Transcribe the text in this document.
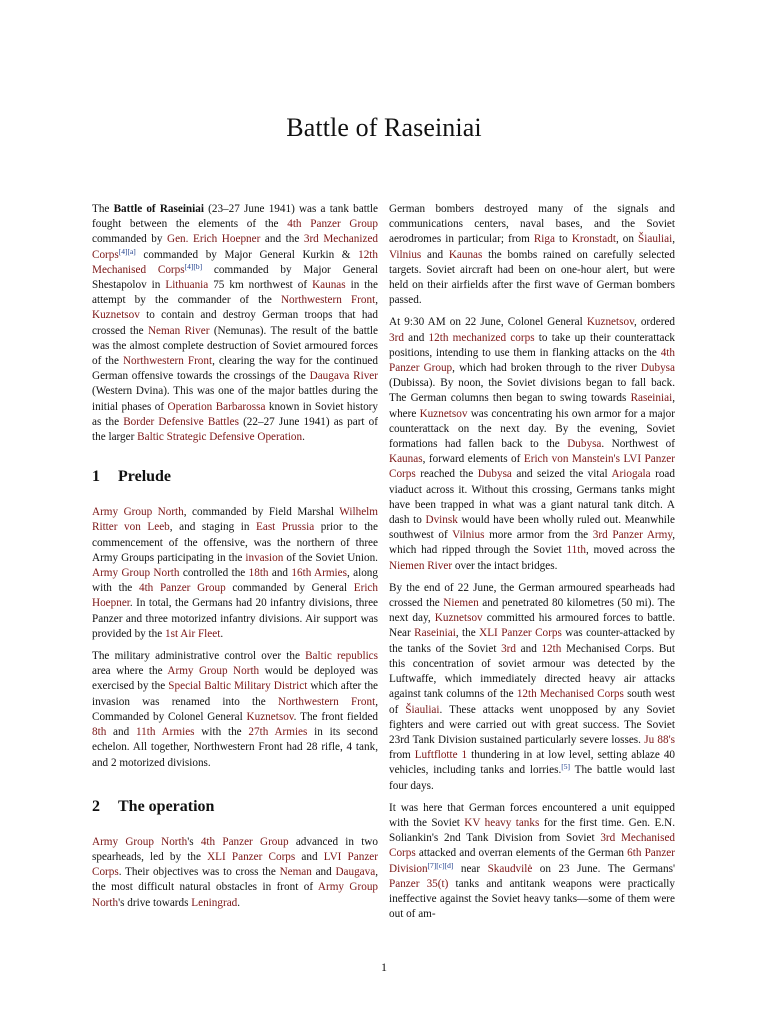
Battle of Raseiniai

The Battle of Raseiniai (23–27 June 1941) was a tank battle fought between the elements of the 4th Panzer Group commanded by Gen. Erich Hoepner and the 3rd Mechanized Corps[4][a] commanded by Major General Kurkin & 12th Mechanised Corps[4][b] commanded by Major General Shestapolov in Lithuania 75 km northwest of Kaunas in the attempt by the commander of the Northwestern Front, Kuznetsov to contain and destroy German troops that had crossed the Neman River (Nemunas). The result of the battle was the almost complete destruction of Soviet armoured forces of the Northwestern Front, clearing the way for the continued German offensive towards the crossings of the Daugava River (Western Dvina). This was one of the major battles during the initial phases of Operation Barbarossa known in Soviet history as the Border Defensive Battles (22–27 June 1941) as part of the larger Baltic Strategic Defensive Operation.

1 Prelude

Army Group North, commanded by Field Marshal Wilhelm Ritter von Leeb, and staging in East Prussia prior to the commencement of the offensive, was the northern of three Army Groups participating in the invasion of the Soviet Union. Army Group North controlled the 18th and 16th Armies, along with the 4th Panzer Group commanded by General Erich Hoepner. In total, the Germans had 20 infantry divisions, three Panzer and three motorized infantry divisions. Air support was provided by the 1st Air Fleet.

The military administrative control over the Baltic republics area where the Army Group North would be deployed was exercised by the Special Baltic Military District which after the invasion was renamed into the Northwestern Front, Commanded by Colonel General Kuznetsov. The front fielded 8th and 11th Armies with the 27th Armies in its second echelon. All together, Northwestern Front had 28 rifle, 4 tank, and 2 motorized divisions.

2 The operation

Army Group North's 4th Panzer Group advanced in two spearheads, led by the XLI Panzer Corps and LVI Panzer Corps. Their objectives was to cross the Neman and Daugava, the most difficult natural obstacles in front of Army Group North's drive towards Leningrad.

German bombers destroyed many of the signals and communications centers, naval bases, and the Soviet aerodromes in particular; from Riga to Kronstadt, on Šiauliai, Vilnius and Kaunas the bombs rained on carefully selected targets. Soviet aircraft had been on one-hour alert, but were held on their airfields after the first wave of German bombers passed.

At 9:30 AM on 22 June, Colonel General Kuznetsov, ordered 3rd and 12th mechanized corps to take up their counterattack positions, intending to use them in flanking attacks on the 4th Panzer Group, which had broken through to the river Dubysa (Dubissa). By noon, the Soviet divisions began to fall back. The German columns then began to swing towards Raseiniai, where Kuznetsov was concentrating his own armor for a major counterattack on the next day. By the evening, Soviet formations had fallen back to the Dubysa. Northwest of Kaunas, forward elements of Erich von Manstein's LVI Panzer Corps reached the Dubysa and seized the vital Ariogala road viaduct across it. Without this crossing, Germans tanks might have been trapped in what was a giant natural tank ditch. A dash to Dvinsk would have been wholly ruled out. Meanwhile southwest of Vilnius more armor from the 3rd Panzer Army, which had ripped through the Soviet 11th, moved across the Niemen River over the intact bridges.

By the end of 22 June, the German armoured spearheads had crossed the Niemen and penetrated 80 kilometres (50 mi). The next day, Kuznetsov committed his armoured forces to battle. Near Raseiniai, the XLI Panzer Corps was counter-attacked by the tanks of the Soviet 3rd and 12th Mechanised Corps. But this concentration of soviet armour was detected by the Luftwaffe, which immediately directed heavy air attacks against tank columns of the 12th Mechanised Corps south west of Šiauliai. These attacks went unopposed by any Soviet fighters and were carried out with great success. The Soviet 23rd Tank Division sustained particularly severe losses. Ju 88's from Luftflotte 1 thundering in at low level, setting ablaze 40 vehicles, including tanks and lorries.[5] The battle would last four days.

It was here that German forces encountered a unit equipped with the Soviet KV heavy tanks for the first time. Gen. E.N. Soliankin's 2nd Tank Division from Soviet 3rd Mechanised Corps attacked and overran elements of the German 6th Panzer Division[7][c][d] near Skaudvilė on 23 June. The Germans' Panzer 35(t) tanks and antitank weapons were practically ineffective against the Soviet heavy tanks—some of them were out of am-

1
